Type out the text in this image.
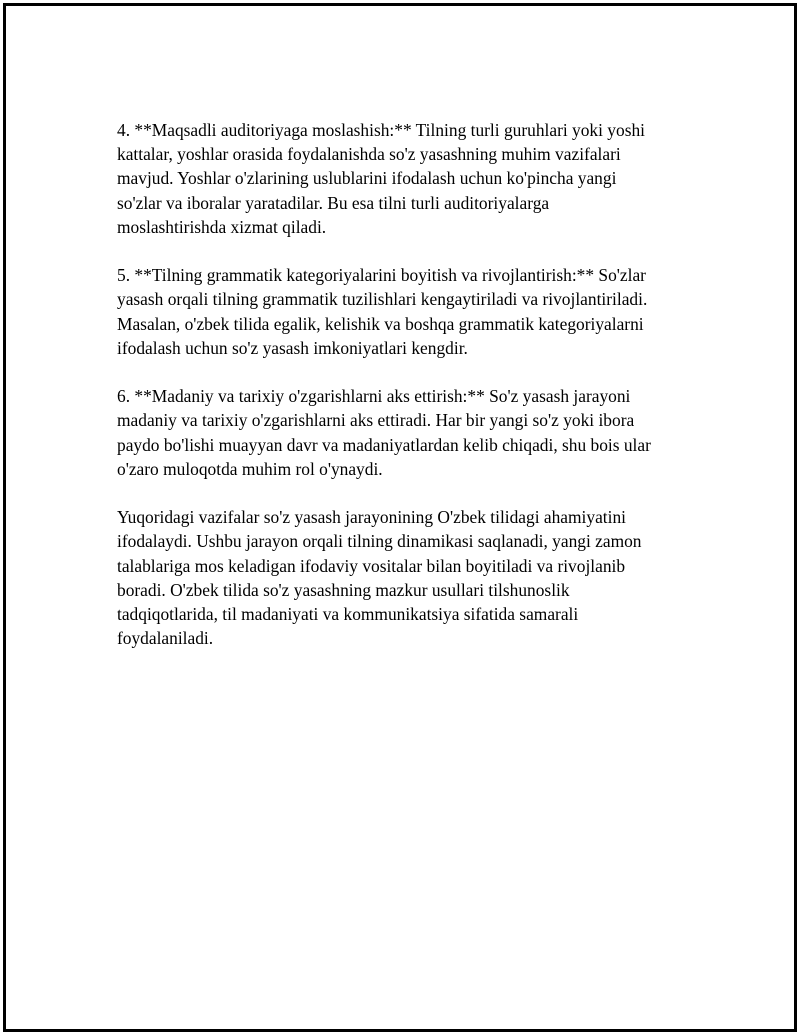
4. **Maqsadli auditoriyaga moslashish:** Tilning turli guruhlari yoki yoshi
kattalar, yoshlar orasida foydalanishda so'z yasashning muhim vazifalari
mavjud. Yoshlar o'zlarining uslublarini ifodalash uchun ko'pincha yangi
so'zlar va iboralar yaratadilar. Bu esa tilni turli auditoriyalarga
moslashtirishda xizmat qiladi.

5. **Tilning grammatik kategoriyalarini boyitish va rivojlantirish:** So'zlar
yasash orqali tilning grammatik tuzilishlari kengaytiriladi va rivojlantiriladi.
Masalan, o'zbek tilida egalik, kelishik va boshqa grammatik kategoriyalarni
ifodalash uchun so'z yasash imkoniyatlari kengdir.

6. **Madaniy va tarixiy o'zgarishlarni aks ettirish:** So'z yasash jarayoni
madaniy va tarixiy o'zgarishlarni aks ettiradi. Har bir yangi so'z yoki ibora
paydo bo'lishi muayyan davr va madaniyatlardan kelib chiqadi, shu bois ular
o'zaro muloqotda muhim rol o'ynaydi.

Yuqoridagi vazifalar so'z yasash jarayonining O'zbek tilidagi ahamiyatini
ifodalaydi. Ushbu jarayon orqali tilning dinamikasi saqlanadi, yangi zamon
talablariga mos keladigan ifodaviy vositalar bilan boyitiladi va rivojlanib
boradi. O'zbek tilida so'z yasashning mazkur usullari tilshunoslik
tadqiqotlarida, til madaniyati va kommunikatsiya sifatida samarali
foydalaniladi.
